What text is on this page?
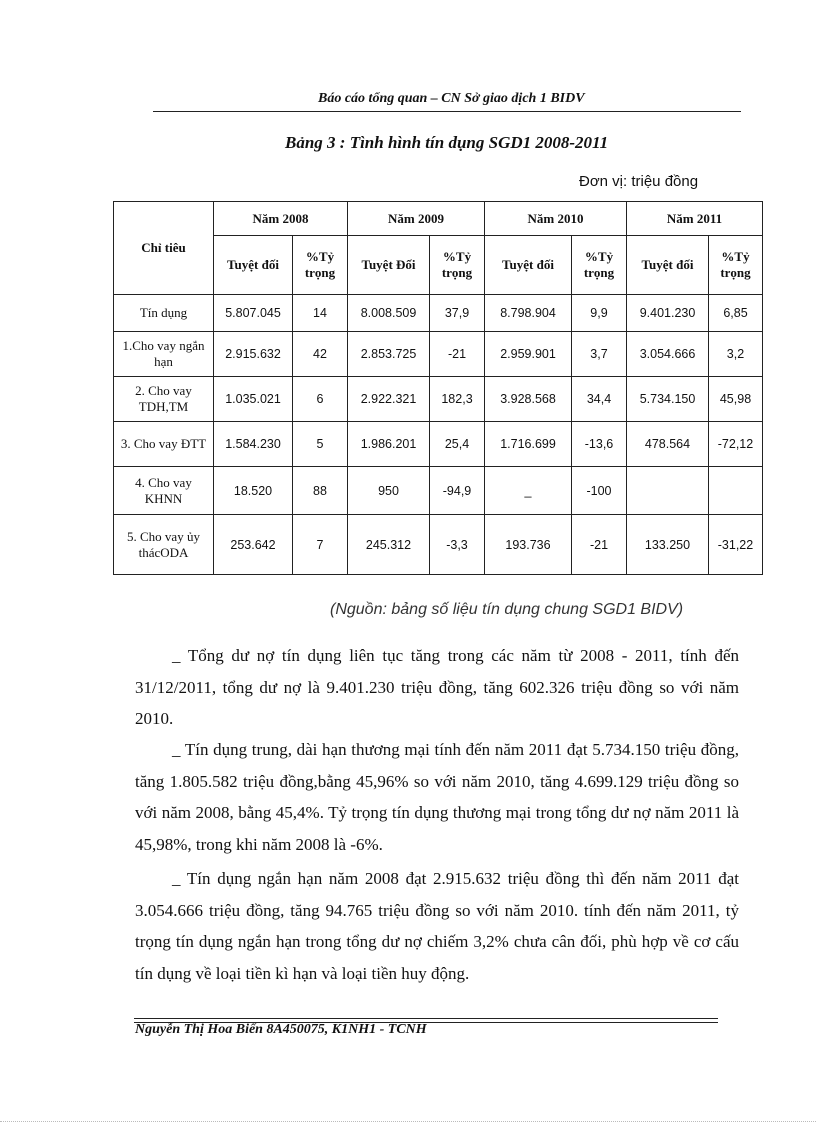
Báo cáo tổng quan – CN Sở giao dịch 1 BIDV
Bảng 3 : Tình hình tín dụng SGD1 2008-2011
Đơn vị: triệu đồng
Chỉ tiêu	Năm 2008		Năm 2009		Năm 2010		Năm 2011	
	Tuyệt đối	%Tỷ trọng	Tuyệt Đối	%Tỷ trọng	Tuyệt đối	%Tỷ trọng	Tuyệt đối	%Tỷ trọng
Tín dụng	5.807.045	14	8.008.509	37,9	8.798.904	9,9	9.401.230	6,85
1.Cho vay ngắn hạn	2.915.632	42	2.853.725	-21	2.959.901	3,7	3.054.666	3,2
2. Cho vay TDH,TM	1.035.021	6	2.922.321	182,3	3.928.568	34,4	5.734.150	45,98
3. Cho vay ĐTT	1.584.230	5	1.986.201	25,4	1.716.699	-13,6	478.564	-72,12
4. Cho vay KHNN	18.520	88	950	-94,9	_	-100		
5. Cho vay ủy thácODA	253.642	7	245.312	-3,3	193.736	-21	133.250	-31,22
(Nguồn: bảng số liệu tín dụng chung SGD1 BIDV)

_ Tổng dư nợ tín dụng liên tục tăng trong các năm từ 2008 - 2011, tính đến 31/12/2011, tổng dư nợ là 9.401.230 triệu đồng, tăng 602.326 triệu đồng so với năm 2010.

_ Tín dụng trung, dài hạn thương mại tính đến năm 2011 đạt 5.734.150 triệu đồng, tăng 1.805.582 triệu đồng,bằng 45,96% so với năm 2010, tăng 4.699.129 triệu đồng so với năm 2008, bằng 45,4%. Tỷ trọng tín dụng thương mại trong tổng dư nợ năm 2011 là 45,98%, trong khi năm 2008 là -6%.

_ Tín dụng ngắn hạn năm 2008 đạt 2.915.632 triệu đồng thì đến năm 2011 đạt 3.054.666 triệu đồng, tăng 94.765 triệu đồng so với năm 2010. tính đến năm 2011, tỷ trọng tín dụng ngắn hạn trong tổng dư nợ chiếm 3,2% chưa cân đối, phù hợp về cơ cấu tín dụng về loại tiền kì hạn và loại tiền huy động.

Nguyễn Thị Hoa Biển 8A450075, K1NH1 - TCNH
